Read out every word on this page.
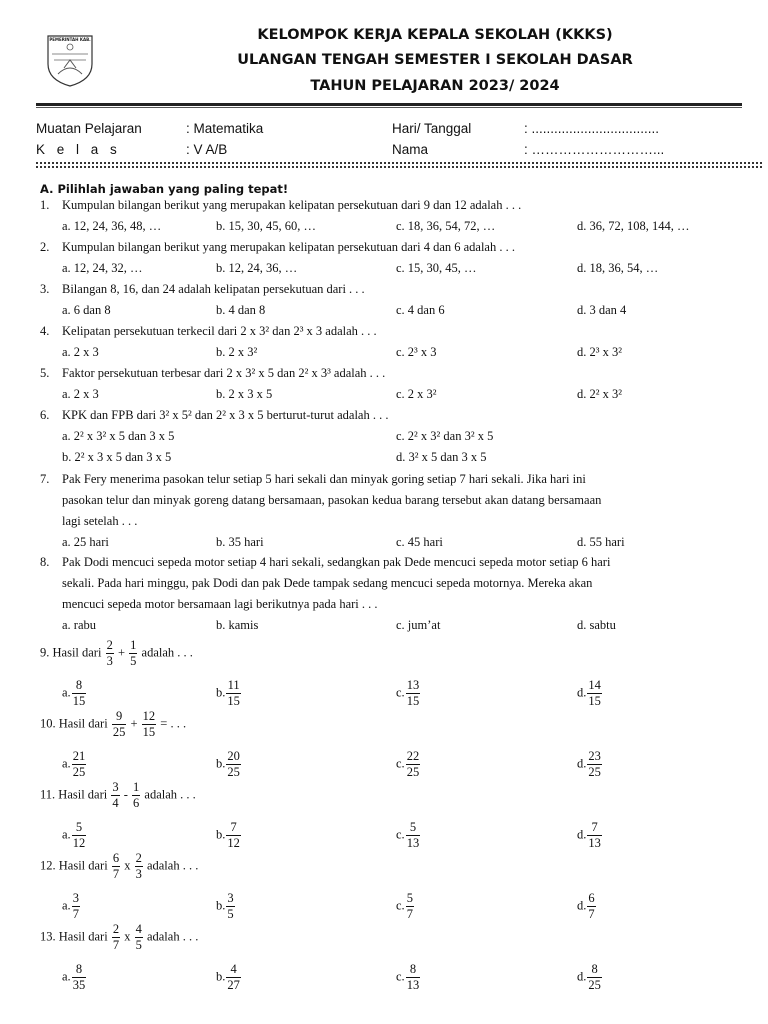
PEMERINTAH KAB.	KELOMPOK KERJA KEPALA SEKOLAH (KKKS)
ULANGAN TENGAH SEMESTER I SEKOLAH DASAR
TAHUN PELAJARAN 2023/ 2024
Muatan Pelajaran	: Matematika	Hari/ Tanggal	: ..................................
K e l a s	: V A/B	Nama	: ………………………...
A. Pilihlah jawaban yang paling tepat!
1. Kumpulan bilangan berikut yang merupakan kelipatan persekutuan dari 9 dan 12 adalah . . .
a. 12, 24, 36, 48, …	b. 15, 30, 45, 60, …	c. 18, 36, 54, 72, …	d. 36, 72, 108, 144, …
2. Kumpulan bilangan berikut yang merupakan kelipatan persekutuan dari 4 dan 6 adalah . . .
a. 12, 24, 32, …	b. 12, 24, 36, …	c. 15, 30, 45, …	d. 18, 36, 54, …
3. Bilangan 8, 16, dan 24 adalah kelipatan persekutuan dari . . .
a. 6 dan 8	b. 4 dan 8	c. 4 dan 6	d. 3 dan 4
4. Kelipatan persekutuan terkecil dari 2 x 3² dan 2³ x 3 adalah . . .
a. 2 x 3	b. 2 x 3²	c. 2³ x 3	d. 2³ x 3²
5. Faktor persekutuan terbesar dari 2 x 3² x 5 dan 2² x 3³ adalah . . .
a. 2 x 3	b. 2 x 3 x 5	c. 2 x 3²	d. 2² x 3²
6. KPK dan FPB dari 3² x 5² dan 2² x 3 x 5 berturut-turut adalah . . .
a. 2² x 3² x 5 dan 3 x 5	c. 2² x 3² dan 3² x 5
b. 2² x 3 x 5 dan 3 x 5	d. 3² x 5 dan 3 x 5
7. Pak Fery menerima pasokan telur setiap 5 hari sekali dan minyak goring setiap 7 hari sekali. Jika hari ini
pasokan telur dan minyak goreng datang bersamaan, pasokan kedua barang tersebut akan datang bersamaan
lagi setelah . . .
a. 25 hari	b. 35 hari	c. 45 hari	d. 55 hari
8. Pak Dodi mencuci sepeda motor setiap 4 hari sekali, sedangkan pak Dede mencuci sepeda motor setiap 6 hari
sekali. Pada hari minggu, pak Dodi dan pak Dede tampak sedang mencuci sepeda motornya. Mereka akan
mencuci sepeda motor bersamaan lagi berikutnya pada hari . . .
a. rabu	b. kamis	c. jum’at	d. sabtu
9. Hasil dari $\frac{2}{3} + \frac{1}{5}$ adalah . . .
a. $\frac{8}{15}$	b. $\frac{11}{15}$	c. $\frac{13}{15}$	d. $\frac{14}{15}$
10. Hasil dari $\frac{9}{25} + \frac{12}{15}$ = . . .
a. $\frac{21}{25}$	b. $\frac{20}{25}$	c. $\frac{22}{25}$	d. $\frac{23}{25}$
11. Hasil dari $\frac{3}{4} - \frac{1}{6}$ adalah . . .
a. $\frac{5}{12}$	b. $\frac{7}{12}$	c. $\frac{5}{13}$	d. $\frac{7}{13}$
12. Hasil dari $\frac{6}{7}$ x $\frac{2}{3}$ adalah . . .
a. $\frac{3}{7}$	b. $\frac{3}{5}$	c. $\frac{5}{7}$	d. $\frac{6}{7}$
13. Hasil dari $\frac{2}{7}$ x $\frac{4}{5}$ adalah . . .
a. $\frac{8}{35}$	b. $\frac{4}{27}$	c. $\frac{8}{13}$	d. $\frac{8}{25}$
